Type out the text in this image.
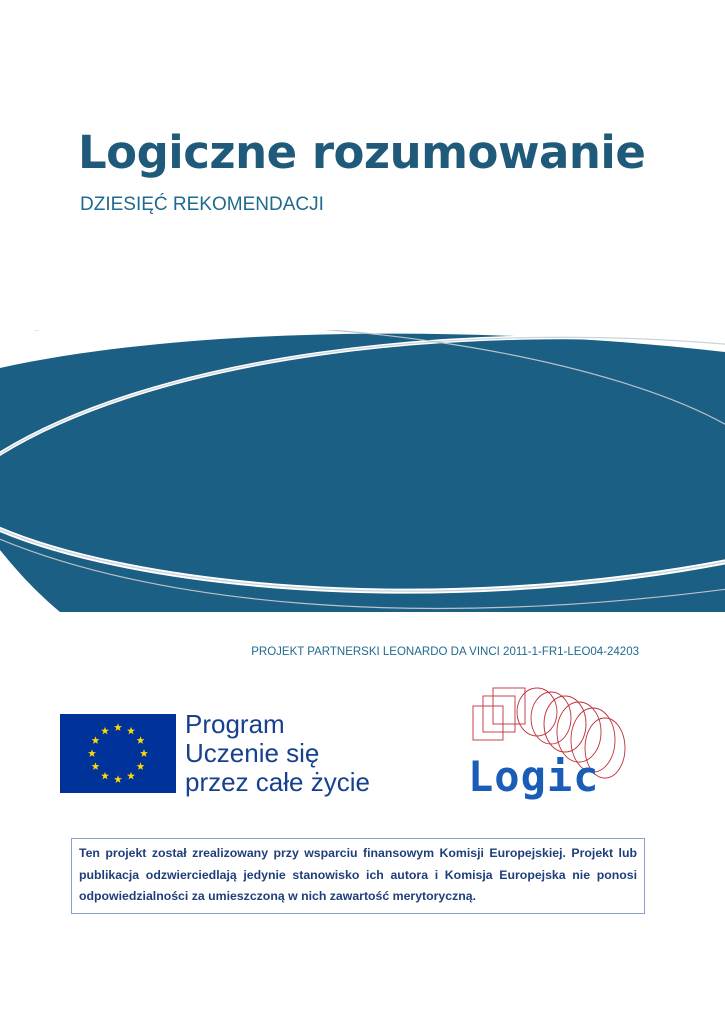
Logiczne rozumowanie

DZIESIĘĆ REKOMENDACJI

PROJEKT PARTNERSKI LEONARDO DA VINCI 2011-1-FR1-LEO04-24203
Program
Uczenie się
przez całe życie Logic
Ten projekt został zrealizowany przy wsparciu finansowym Komisji Europejskiej. Projekt lub publikacja odzwierciedlają jedynie stanowisko ich autora i Komisja Europejska nie ponosi odpowiedzialności za umieszczoną w nich zawartość merytoryczną.
